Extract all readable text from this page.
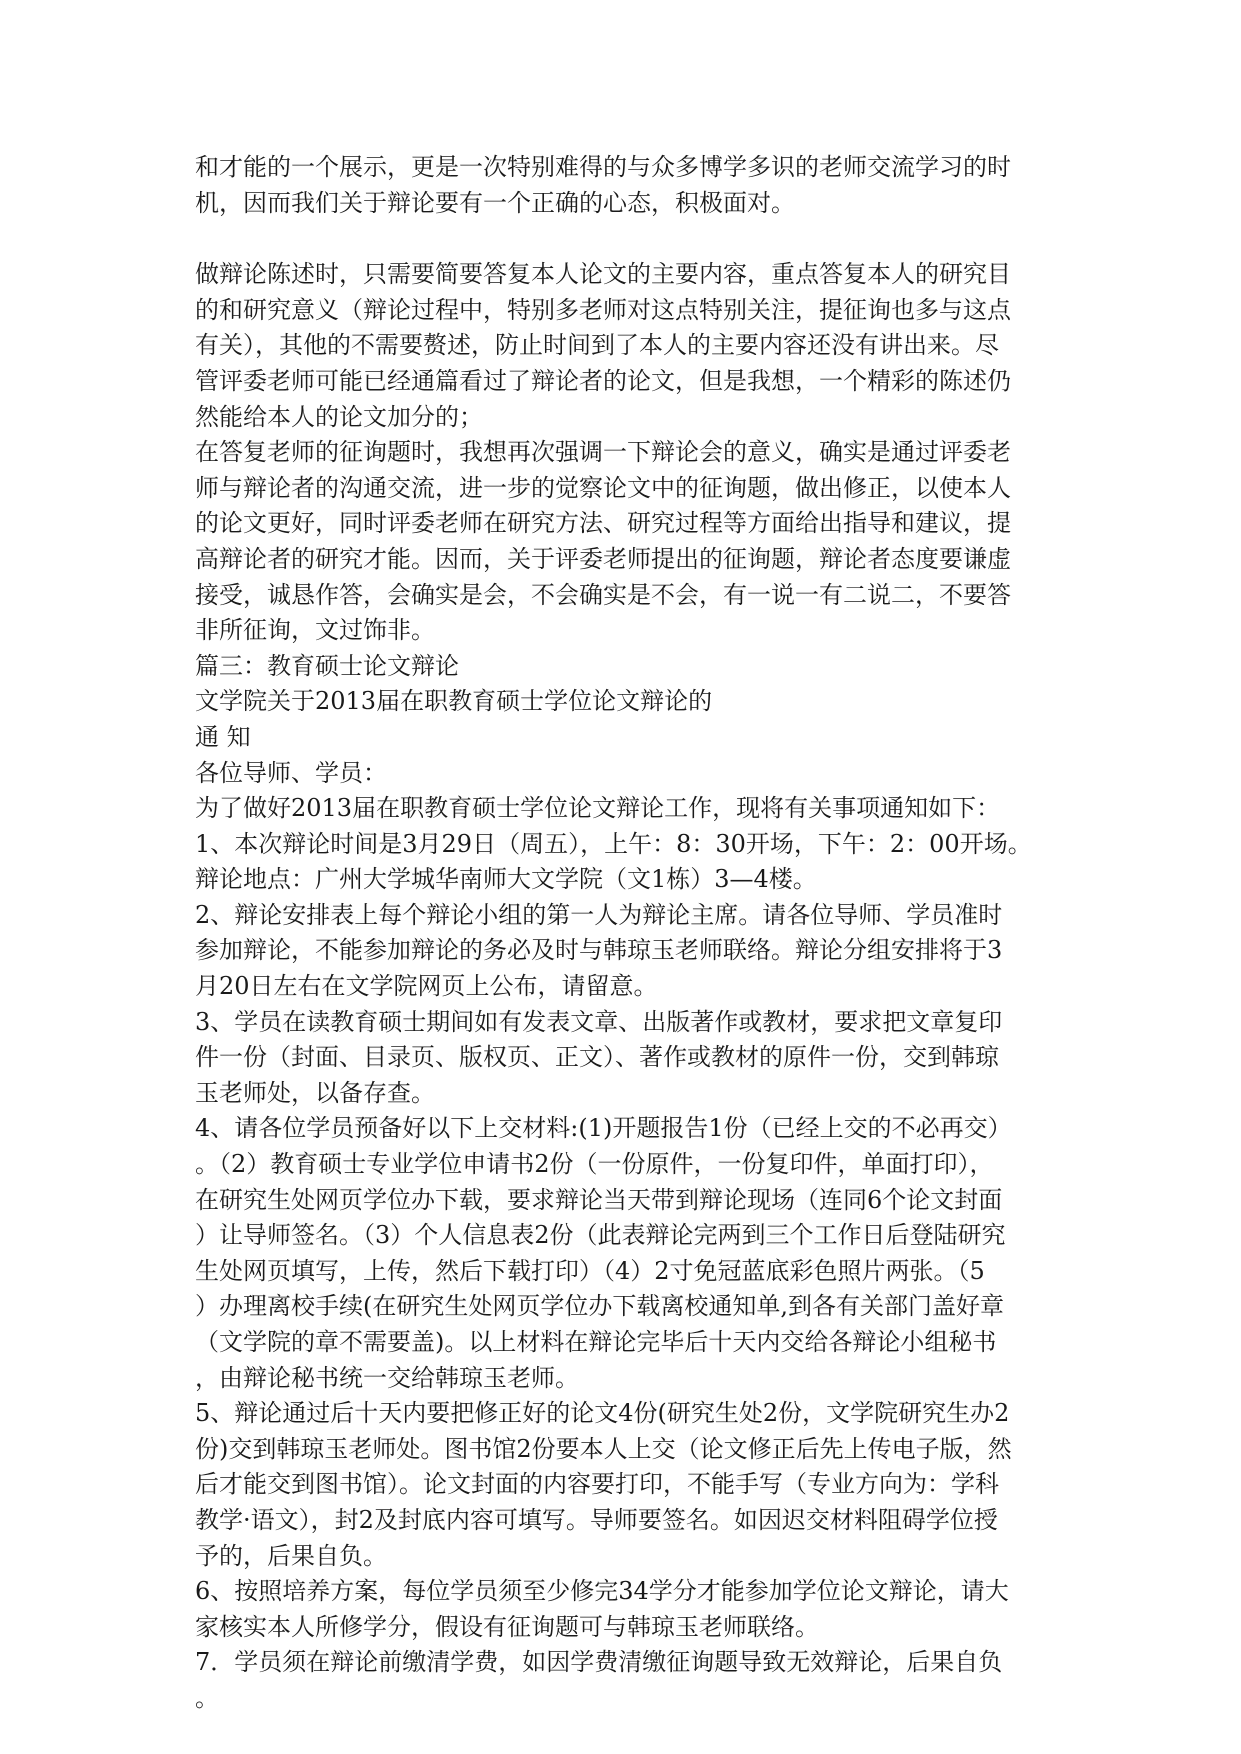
和才能的一个展示，更是一次特别难得的与众多博学多识的老师交流学习的时

机，因而我们关于辩论要有一个正确的心态，积极面对。

做辩论陈述时，只需要简要答复本人论文的主要内容，重点答复本人的研究目

的和研究意义（辩论过程中，特别多老师对这点特别关注，提征询也多与这点

有关），其他的不需要赘述，防止时间到了本人的主要内容还没有讲出来。尽

管评委老师可能已经通篇看过了辩论者的论文，但是我想，一个精彩的陈述仍

然能给本人的论文加分的；

在答复老师的征询题时，我想再次强调一下辩论会的意义，确实是通过评委老

师与辩论者的沟通交流，进一步的觉察论文中的征询题，做出修正，以使本人

的论文更好，同时评委老师在研究方法、研究过程等方面给出指导和建议，提

高辩论者的研究才能。因而，关于评委老师提出的征询题，辩论者态度要谦虚

接受，诚恳作答，会确实是会，不会确实是不会，有一说一有二说二，不要答

非所征询，文过饰非。

篇三：教育硕士论文辩论

文学院关于2013届在职教育硕士学位论文辩论的

通 知

各位导师、学员：

为了做好2013届在职教育硕士学位论文辩论工作，现将有关事项通知如下：

1、本次辩论时间是3月29日（周五），上午：8：30开场，下午：2：00开场。

辩论地点：广州大学城华南师大文学院（文1栋）3—4楼。

2、辩论安排表上每个辩论小组的第一人为辩论主席。请各位导师、学员准时

参加辩论，不能参加辩论的务必及时与韩琼玉老师联络。辩论分组安排将于3

月20日左右在文学院网页上公布，请留意。

3、学员在读教育硕士期间如有发表文章、出版著作或教材，要求把文章复印

件一份（封面、目录页、版权页、正文）、著作或教材的原件一份，交到韩琼

玉老师处，以备存查。

4、请各位学员预备好以下上交材料:(1)开题报告1份（已经上交的不必再交）

。（2）教育硕士专业学位申请书2份（一份原件，一份复印件，单面打印），

在研究生处网页学位办下载，要求辩论当天带到辩论现场（连同6个论文封面

）让导师签名。（3）个人信息表2份（此表辩论完两到三个工作日后登陆研究

生处网页填写，上传，然后下载打印）（4）2寸免冠蓝底彩色照片两张。（5

）办理离校手续(在研究生处网页学位办下载离校通知单,到各有关部门盖好章

（文学院的章不需要盖)。以上材料在辩论完毕后十天内交给各辩论小组秘书

，由辩论秘书统一交给韩琼玉老师。

5、辩论通过后十天内要把修正好的论文4份(研究生处2份，文学院研究生办2

份)交到韩琼玉老师处。图书馆2份要本人上交（论文修正后先上传电子版，然

后才能交到图书馆）。论文封面的内容要打印，不能手写（专业方向为：学科

教学·语文），封2及封底内容可填写。导师要签名。如因迟交材料阻碍学位授

予的，后果自负。

6、按照培养方案，每位学员须至少修完34学分才能参加学位论文辩论，请大

家核实本人所修学分，假设有征询题可与韩琼玉老师联络。

7．学员须在辩论前缴清学费，如因学费清缴征询题导致无效辩论，后果自负

。
